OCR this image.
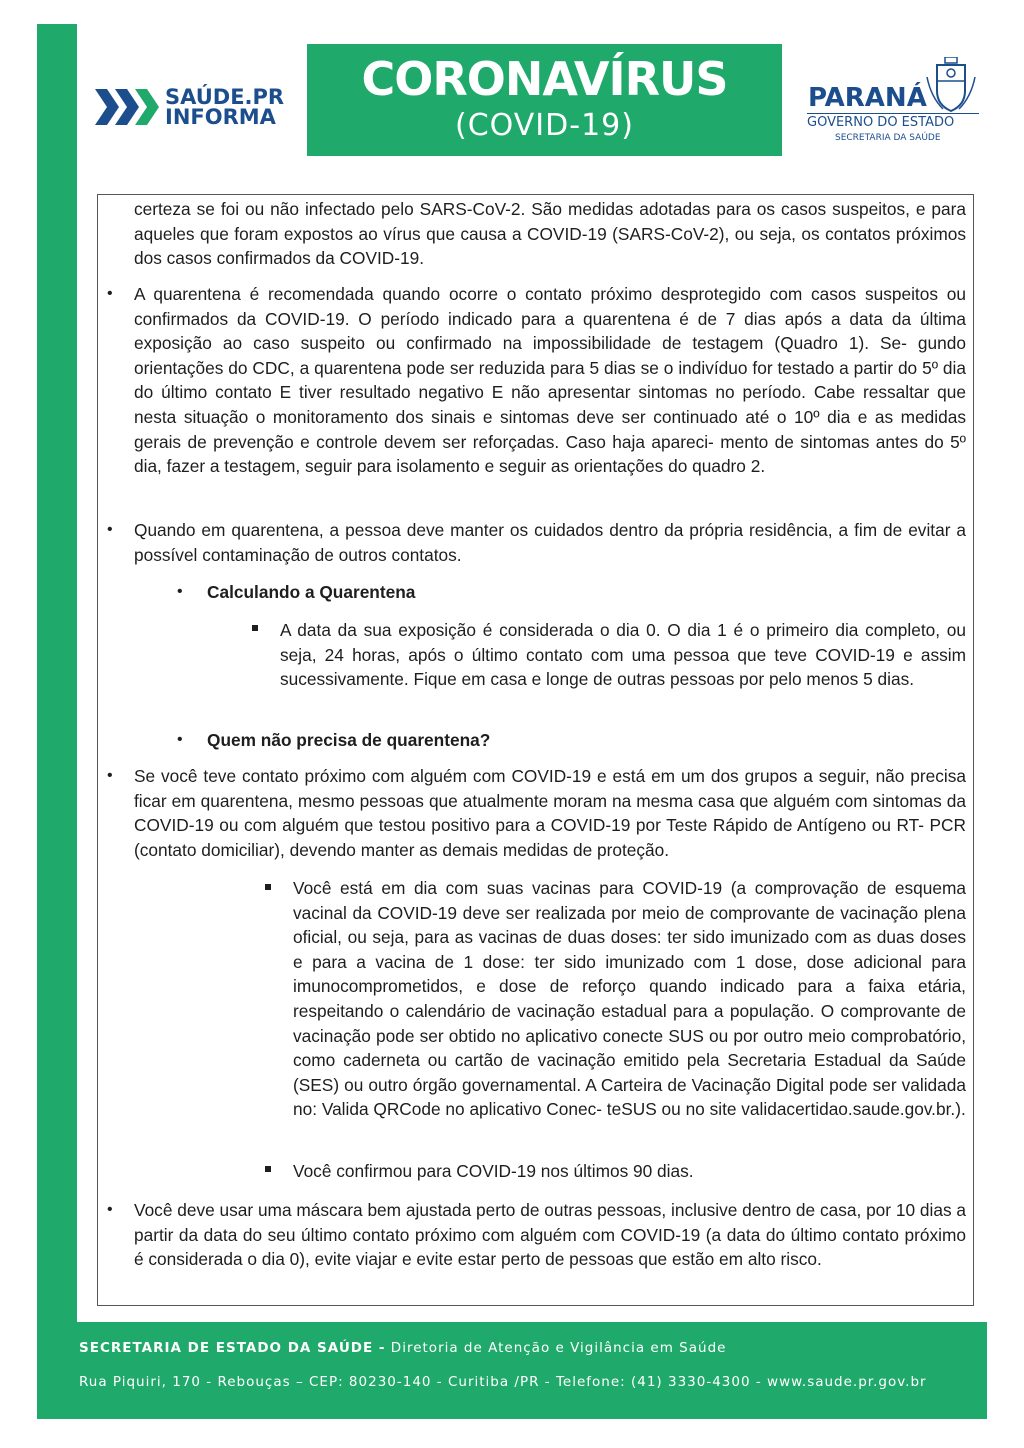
SAÚDE.PR
INFORMA
CORONAVÍRUS
(COVID-19)
PARANÁ
GOVERNO DO ESTADO
SECRETARIA DA SAÚDE
certeza se foi ou não infectado pelo SARS-CoV-2. São medidas adotadas para os casos suspeitos, e para aqueles que foram expostos ao vírus que causa a COVID-19 (SARS-CoV-2), ou seja, os contatos próximos dos casos confirmados da COVID-19.
• A quarentena é recomendada quando ocorre o contato próximo desprotegido com casos suspeitos ou confirmados da COVID-19. O período indicado para a quarentena é de 7 dias após a data da última exposição ao caso suspeito ou confirmado na impossibilidade de testagem (Quadro 1). Se- gundo orientações do CDC, a quarentena pode ser reduzida para 5 dias se o indivíduo for testado a partir do 5º dia do último contato E tiver resultado negativo E não apresentar sintomas no período. Cabe ressaltar que nesta situação o monitoramento dos sinais e sintomas deve ser continuado até o 10º dia e as medidas gerais de prevenção e controle devem ser reforçadas. Caso haja apareci- mento de sintomas antes do 5º dia, fazer a testagem, seguir para isolamento e seguir as orientações do quadro 2.
• Quando em quarentena, a pessoa deve manter os cuidados dentro da própria residência, a fim de evitar a possível contaminação de outros contatos.
• Calculando a Quarentena
A data da sua exposição é considerada o dia 0. O dia 1 é o primeiro dia completo, ou seja, 24 horas, após o último contato com uma pessoa que teve COVID-19 e assim sucessivamente. Fique em casa e longe de outras pessoas por pelo menos 5 dias.
• Quem não precisa de quarentena?
• Se você teve contato próximo com alguém com COVID-19 e está em um dos grupos a seguir, não precisa ficar em quarentena, mesmo pessoas que atualmente moram na mesma casa que alguém com sintomas da COVID-19 ou com alguém que testou positivo para a COVID-19 por Teste Rápido de Antígeno ou RT- PCR (contato domiciliar), devendo manter as demais medidas de proteção.
Você está em dia com suas vacinas para COVID-19 (a comprovação de esquema vacinal da COVID-19 deve ser realizada por meio de comprovante de vacinação plena oficial, ou seja, para as vacinas de duas doses: ter sido imunizado com as duas doses e para a vacina de 1 dose: ter sido imunizado com 1 dose, dose adicional para imunocomprometidos, e dose de reforço quando indicado para a faixa etária, respeitando o calendário de vacinação estadual para a população. O comprovante de vacinação pode ser obtido no aplicativo conecte SUS ou por outro meio comprobatório, como caderneta ou cartão de vacinação emitido pela Secretaria Estadual da Saúde (SES) ou outro órgão governamental. A Carteira de Vacinação Digital pode ser validada no: Valida QRCode no aplicativo Conec- teSUS ou no site validacertidao.saude.gov.br.).
Você confirmou para COVID-19 nos últimos 90 dias.
• Você deve usar uma máscara bem ajustada perto de outras pessoas, inclusive dentro de casa, por 10 dias a partir da data do seu último contato próximo com alguém com COVID-19 (a data do último contato próximo é considerada o dia 0), evite viajar e evite estar perto de pessoas que estão em alto risco.
SECRETARIA DE ESTADO DA SAÚDE - Diretoria de Atenção e Vigilância em Saúde
Rua Piquiri, 170 - Rebouças – CEP: 80230-140 - Curitiba /PR - Telefone: (41) 3330-4300 - www.saude.pr.gov.br
